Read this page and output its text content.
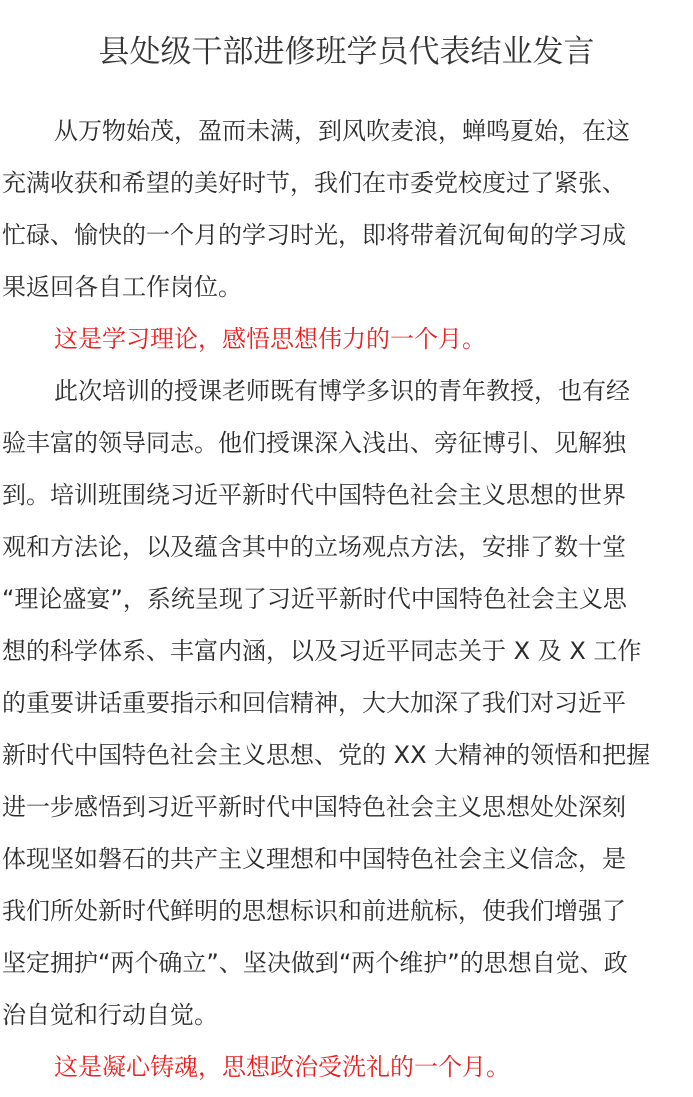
县处级干部进修班学员代表结业发言
从万物始茂，盈而未满，到风吹麦浪，蝉鸣夏始，在这
充满收获和希望的美好时节，我们在市委党校度过了紧张、
忙碌、愉快的一个月的学习时光，即将带着沉甸甸的学习成
果返回各自工作岗位。
这是学习理论，感悟思想伟力的一个月。
此次培训的授课老师既有博学多识的青年教授，也有经
验丰富的领导同志。他们授课深入浅出、旁征博引、见解独
到。培训班围绕习近平新时代中国特色社会主义思想的世界
观和方法论，以及蕴含其中的立场观点方法，安排了数十堂
“理论盛宴”，系统呈现了习近平新时代中国特色社会主义思
想的科学体系、丰富内涵，以及习近平同志关于 X 及 X 工作
的重要讲话重要指示和回信精神，大大加深了我们对习近平
新时代中国特色社会主义思想、党的 XX 大精神的领悟和把握
进一步感悟到习近平新时代中国特色社会主义思想处处深刻
体现坚如磐石的共产主义理想和中国特色社会主义信念，是
我们所处新时代鲜明的思想标识和前进航标，使我们增强了
坚定拥护“两个确立”、坚决做到“两个维护”的思想自觉、政
治自觉和行动自觉。
这是凝心铸魂，思想政治受洗礼的一个月。
